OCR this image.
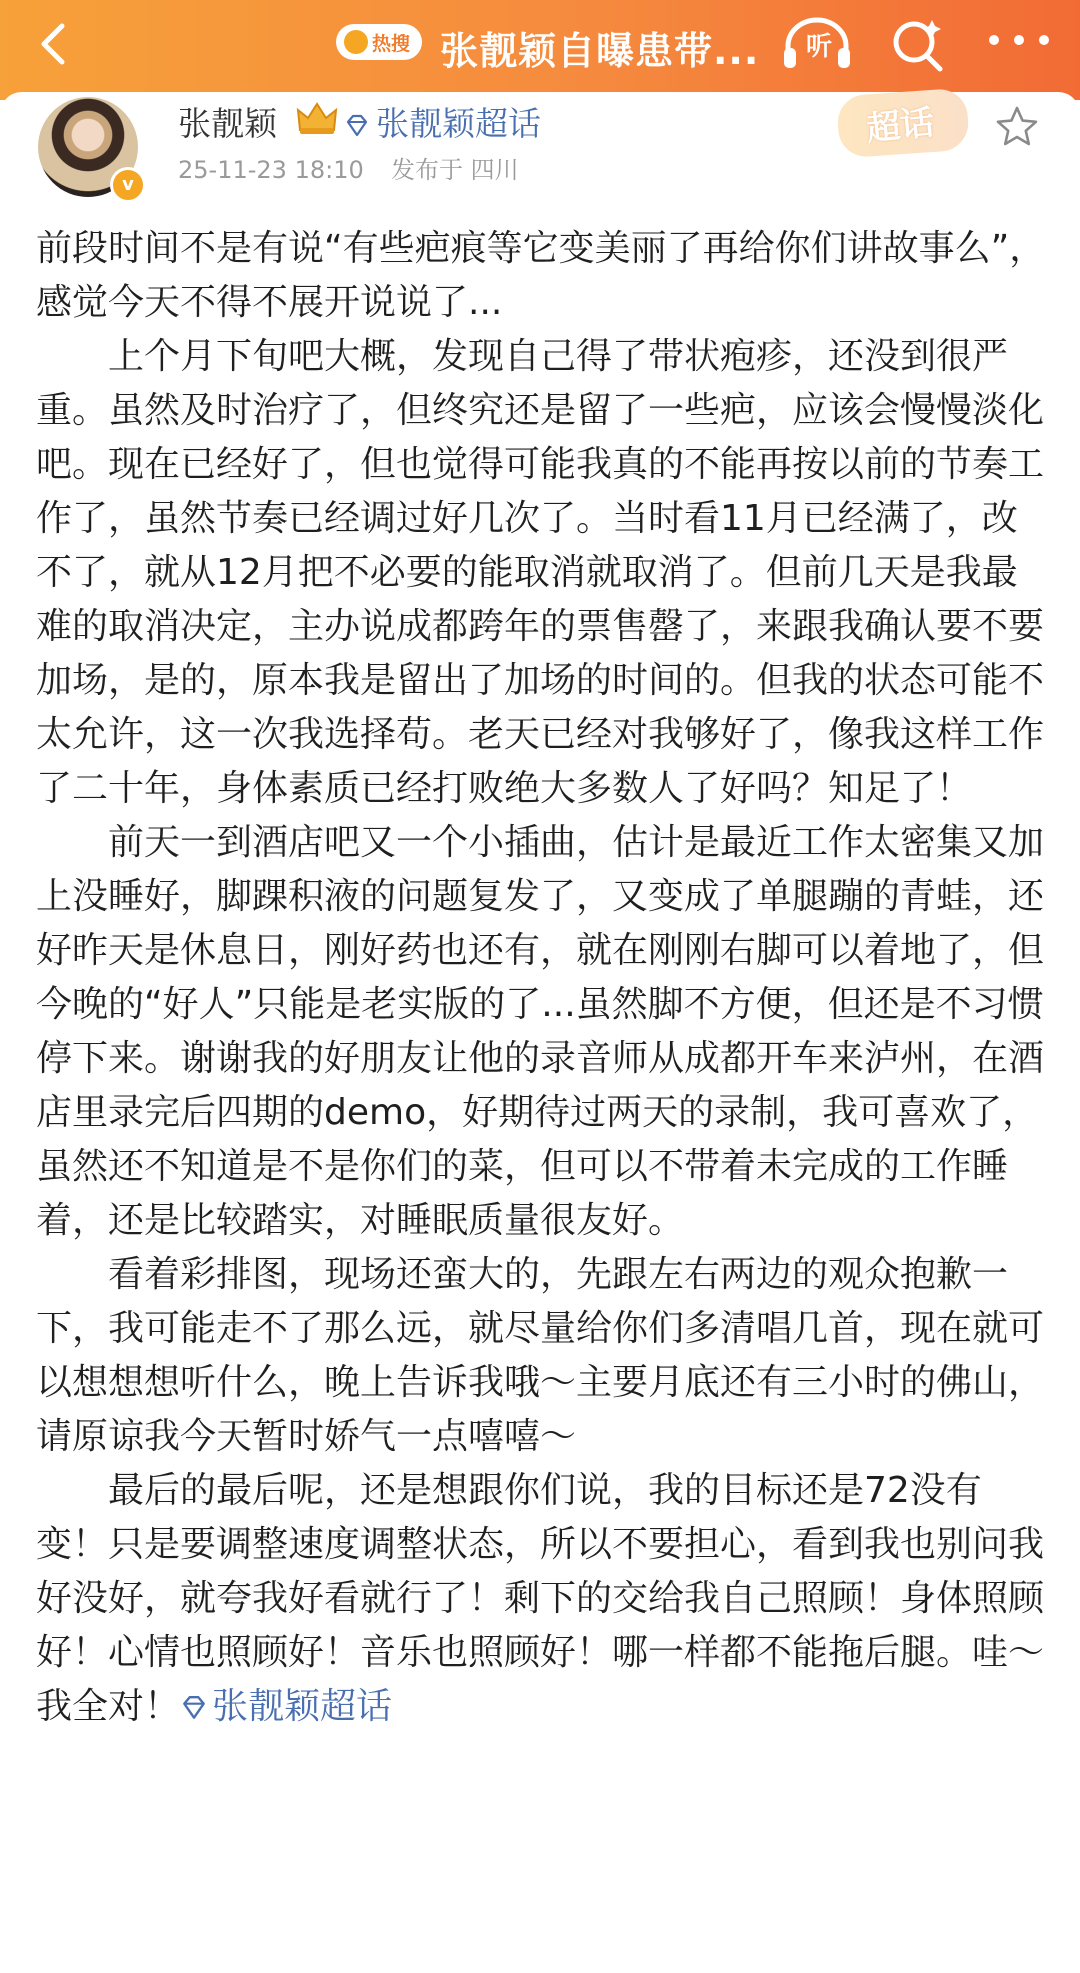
热搜 张靓颖自曝患带... 听
v
张靓颖	张靓颖超话
25-11-23 18:10 发布于 四川
超话

前段时间不是有说“有些疤痕等它变美丽了再给你们讲故事么”，感觉今天不得不展开说说了...

上个月下旬吧大概，发现自己得了带状疱疹，还没到很严重。虽然及时治疗了，但终究还是留了一些疤，应该会慢慢淡化吧。现在已经好了，但也觉得可能我真的不能再按以前的节奏工作了，虽然节奏已经调过好几次了。当时看11月已经满了，改不了，就从12月把不必要的能取消就取消了。但前几天是我最难的取消决定，主办说成都跨年的票售罄了，来跟我确认要不要加场，是的，原本我是留出了加场的时间的。但我的状态可能不太允许，这一次我选择苟。老天已经对我够好了，像我这样工作了二十年，身体素质已经打败绝大多数人了好吗？知足了！

前天一到酒店吧又一个小插曲，估计是最近工作太密集又加上没睡好，脚踝积液的问题复发了，又变成了单腿蹦的青蛙，还好昨天是休息日，刚好药也还有，就在刚刚右脚可以着地了，但今晚的“好人”只能是老实版的了...虽然脚不方便，但还是不习惯停下来。谢谢我的好朋友让他的录音师从成都开车来泸州，在酒店里录完后四期的demo，好期待过两天的录制，我可喜欢了，虽然还不知道是不是你们的菜，但可以不带着未完成的工作睡着，还是比较踏实，对睡眠质量很友好。

看着彩排图，现场还蛮大的，先跟左右两边的观众抱歉一下，我可能走不了那么远，就尽量给你们多清唱几首，现在就可以想想想听什么，晚上告诉我哦～主要月底还有三小时的佛山，请原谅我今天暂时娇气一点嘻嘻～

最后的最后呢，还是想跟你们说，我的目标还是72没有变！只是要调整速度调整状态，所以不要担心，看到我也别问我好没好，就夸我好看就行了！剩下的交给我自己照顾！身体照顾好！心情也照顾好！音乐也照顾好！哪一样都不能拖后腿。哇～我全对！ 张靓颖超话
